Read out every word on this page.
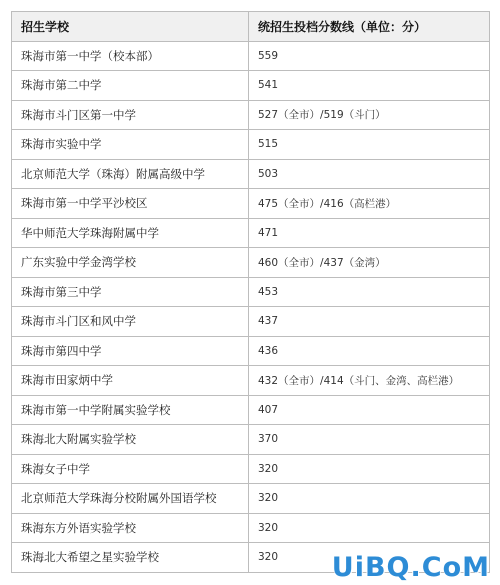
招生学校	统招生投档分数线（单位：分）
珠海市第一中学（校本部）	559
珠海市第二中学	541
珠海市斗门区第一中学	527（全市）/519（斗门）
珠海市实验中学	515
北京师范大学（珠海）附属高级中学	503
珠海市第一中学平沙校区	475（全市）/416（高栏港）
华中师范大学珠海附属中学	471
广东实验中学金湾学校	460（全市）/437（金湾）
珠海市第三中学	453
珠海市斗门区和风中学	437
珠海市第四中学	436
珠海市田家炳中学	432（全市）/414（斗门、金湾、高栏港）
珠海市第一中学附属实验学校	407
珠海北大附属实验学校	370
珠海女子中学	320
北京师范大学珠海分校附属外国语学校	320
珠海东方外语实验学校	320
珠海北大希望之星实验学校	320 UiBQ.CoM
